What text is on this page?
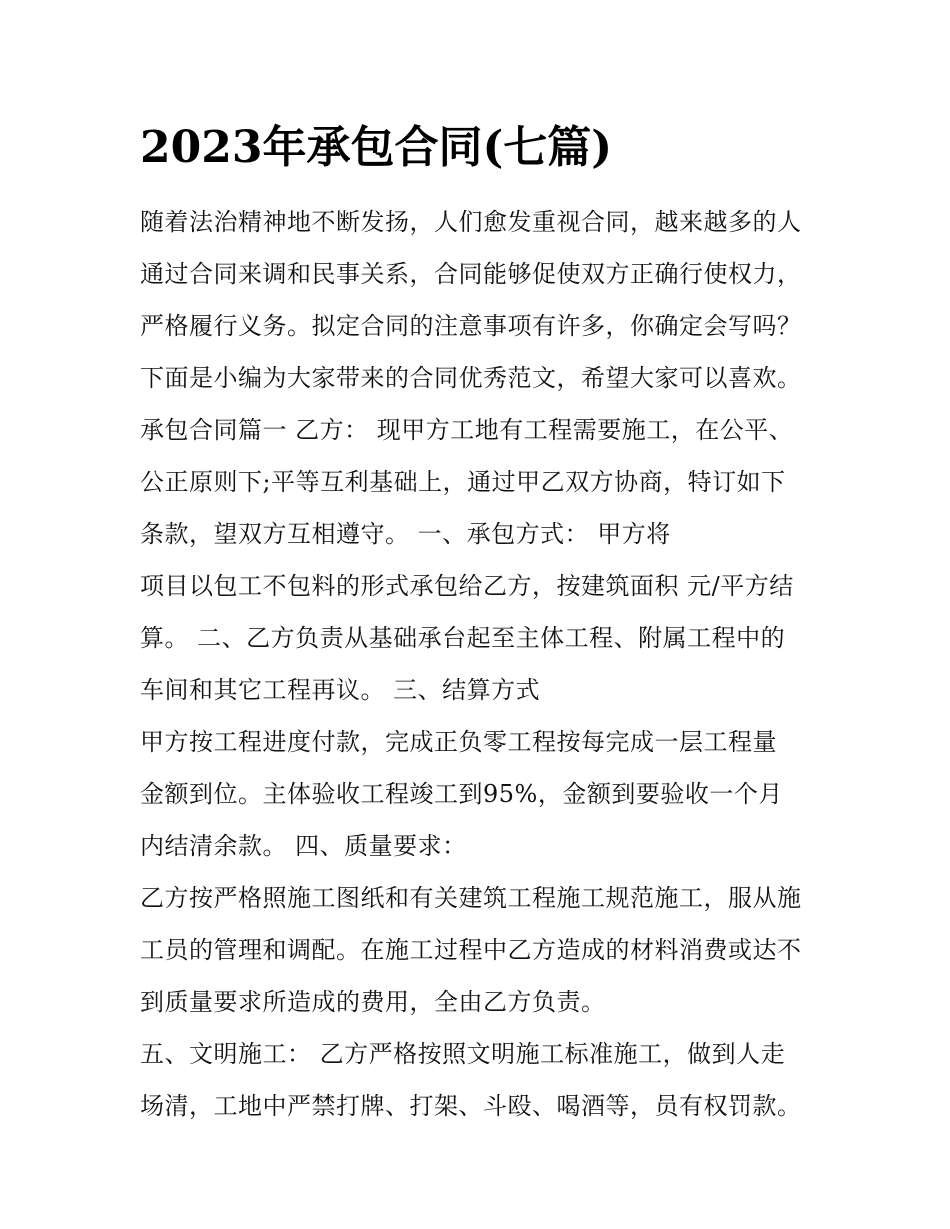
2023年承包合同(七篇)
随着法治精神地不断发扬，人们愈发重视合同，越来越多的人
通过合同来调和民事关系，合同能够促使双方正确行使权力，
严格履行义务。拟定合同的注意事项有许多，你确定会写吗？
下面是小编为大家带来的合同优秀范文，希望大家可以喜欢。
承包合同篇一 乙方： 现甲方工地有工程需要施工，在公平、
公正原则下;平等互利基础上，通过甲乙双方协商，特订如下
条款，望双方互相遵守。 一、承包方式： 甲方将
项目以包工不包料的形式承包给乙方，按建筑面积 元/平方结
算。 二、乙方负责从基础承台起至主体工程、附属工程中的
车间和其它工程再议。 三、结算方式
甲方按工程进度付款，完成正负零工程按每完成一层工程量
金额到位。主体验收工程竣工到95%，金额到要验收一个月
内结清余款。 四、质量要求：
乙方按严格照施工图纸和有关建筑工程施工规范施工，服从施
工员的管理和调配。在施工过程中乙方造成的材料消费或达不
到质量要求所造成的费用，全由乙方负责。
五、文明施工： 乙方严格按照文明施工标准施工，做到人走
场清，工地中严禁打牌、打架、斗殴、喝酒等，员有权罚款。
